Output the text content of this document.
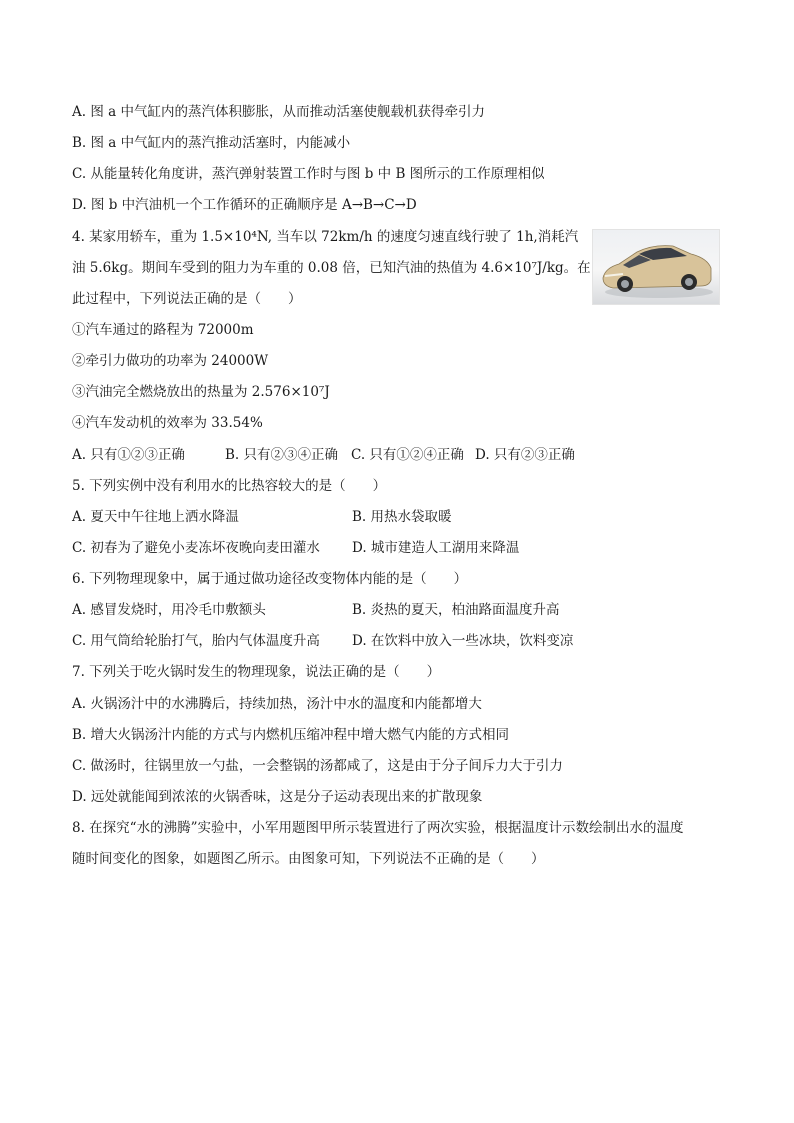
A. 图 a 中气缸内的蒸汽体积膨胀，从而推动活塞使舰载机获得牵引力
B. 图 a 中气缸内的蒸汽推动活塞时，内能减小
C. 从能量转化角度讲，蒸汽弹射装置工作时与图 b 中 B 图所示的工作原理相似
D. 图 b 中汽油机一个工作循环的正确顺序是 A→B→C→D
4. 某家用轿车，重为 1.5×10⁴N, 当车以 72km/h 的速度匀速直线行驶了 1h,消耗汽
油 5.6kg。期间车受到的阻力为车重的 0.08 倍，已知汽油的热值为 4.6×10⁷J/kg。在
此过程中，下列说法正确的是（　　）
①汽车通过的路程为 72000m
②牵引力做功的功率为 24000W
③汽油完全燃烧放出的热量为 2.576×10⁷J
④汽车发动机的效率为 33.54%
A. 只有①②③正确	B. 只有②③④正确 C. 只有①②④正确 D. 只有②③正确
5. 下列实例中没有利用水的比热容较大的是（　　）
A. 夏天中午往地上洒水降温	B. 用热水袋取暖
C. 初春为了避免小麦冻坏夜晚向麦田灌水 D. 城市建造人工湖用来降温
6. 下列物理现象中，属于通过做功途径改变物体内能的是（　　）
A. 感冒发烧时，用冷毛巾敷额头	B. 炎热的夏天，柏油路面温度升高
C. 用气筒给轮胎打气，胎内气体温度升高 D. 在饮料中放入一些冰块，饮料变凉
7. 下列关于吃火锅时发生的物理现象，说法正确的是（　　）
A. 火锅汤汁中的水沸腾后，持续加热，汤汁中水的温度和内能都增大
B. 增大火锅汤汁内能的方式与内燃机压缩冲程中增大燃气内能的方式相同
C. 做汤时，往锅里放一勺盐，一会整锅的汤都咸了，这是由于分子间斥力大于引力
D. 远处就能闻到浓浓的火锅香味，这是分子运动表现出来的扩散现象
8. 在探究“水的沸腾”实验中，小军用题图甲所示装置进行了两次实验，根据温度计示数绘制出水的温度
随时间变化的图象，如题图乙所示。由图象可知，下列说法不正确的是（　　）
